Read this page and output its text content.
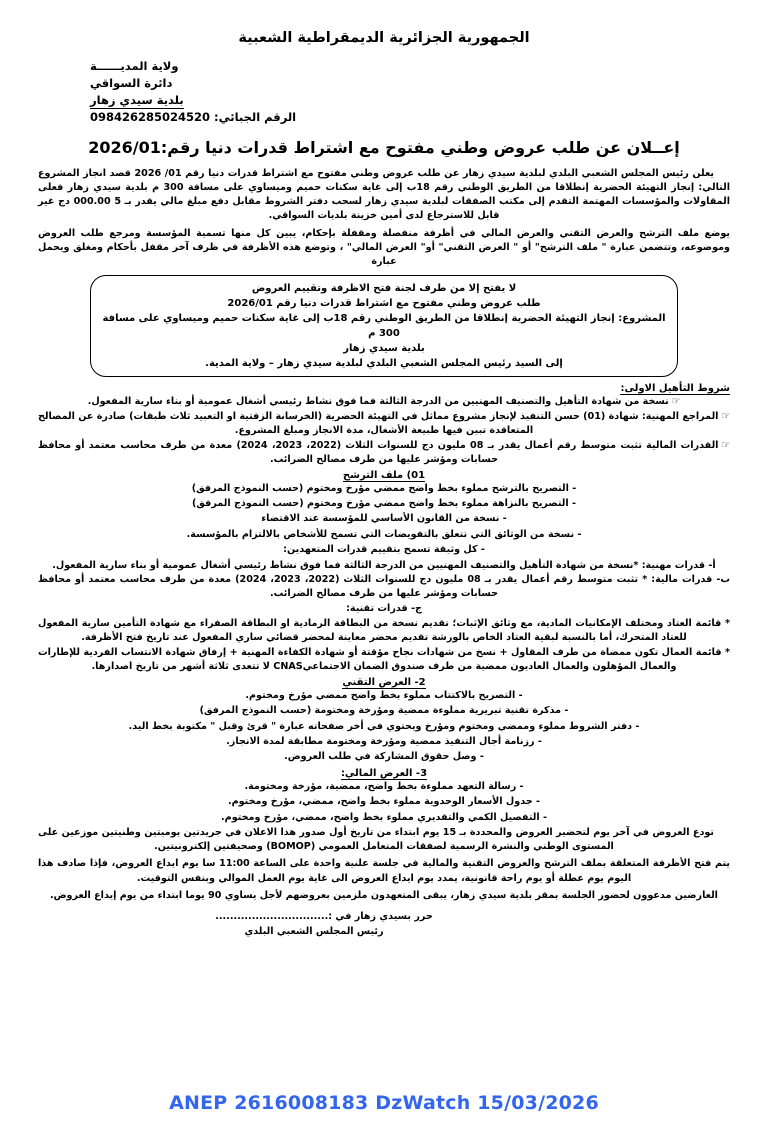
الجمهورية الجزائرية الديمقراطية الشعبية
ولاية المديــــــة
دائرة السواقي
بلدية سيدي زهار
الرقم الجبائي: 098426285024520
إعــلان عن طلب عروض وطني مفتوح مع اشتراط قدرات دنيا رقم:2026/01

يعلن رئيس المجلس الشعبي البلدي لبلدية سيدي زهار عن طلب عروض وطني مفتوح مع اشتراط قدرات دنيا رقم 01/ 2026 قصد انجاز المشروع التالي: إنجاز التهيئة الحضرية إنطلاقا من الطريق الوطني رقم 18ب إلى غاية سكنات حميم وميساوي على مسافة 300 م بلدية سيدي زهار فعلى المقاولات والمؤسسات المهتمة التقدم إلى مكتب الصفقات لبلدية سيدي زهار لسحب دفتر الشروط مقابل دفع مبلغ مالي يقدر بـ 5 000.00 دج غير قابل للاسترجاع لدى أمين خزينة بلديات السواقي.

يوضع ملف الترشح والعرض التقني والعرض المالي في أظرفة منفصلة ومقفلة بإحكام، يبين كل منها تسمية المؤسسة ومرجع طلب العروض وموضوعه، وتتضمن عبارة " ملف الترشح" أو " العرض التقني" أو" العرض المالي" ، وتوضع هذه الأظرفة في ظرف آخر مقفل بأحكام ومغلق ويحمل عبارة

لا يفتح إلا من طرف لجنة فتح الاظرفة وتقييم العروض
طلب عروض وطني مفتوح مع اشتراط قدرات دنيا رقم 2026/01
المشروع: إنجاز التهيئة الحضرية إنطلاقا من الطريق الوطني رقم 18ب إلى غاية سكنات حميم وميساوي على مسافة 300 م
بلدية سيدي زهار
إلى السيد رئيس المجلس الشعبي البلدي لبلدية سيدي زهار – ولاية المدية.
شروط التأهيل الاولى:
☞نسخة من شهادة التأهيل والتصنيف المهنيين من الدرجة الثالثة فما فوق نشاط رئيسي أشغال عمومية أو بناء سارية المفعول.
☞المراجع المهنية: شهادة (01) حسن التنفيذ لإنجاز مشروع مماثل في التهيئة الحضرية (الخرسانة الزفتية او التعبيد ثلاث طبقات) صادرة عن المصالح المتعاقدة تبين فيها طبيعة الأشغال، مدة الانجاز ومبلغ المشروع.
☞القدرات المالية تثبت متوسط رقم أعمال يقدر بـ 08 مليون دج للسنوات الثلاث (2022، 2023، 2024) معدة من طرف محاسب معتمد أو محافظ حسابات ومؤشر عليها من طرف مصالح الضرائب.
01) ملف الترشح
- التصريح بالترشح مملوء بخط واضح ممضي مؤرخ ومختوم (حسب النموذج المرفق)
- التصريح بالنزاهة مملوء بخط واضح ممضي مؤرخ ومختوم (حسب النموذج المرفق)
- نسخة من القانون الأساسي للمؤسسة عند الاقتضاء
- نسخة من الوثائق التي تتعلق بالتفويضات التي تسمح للأشخاص بالالتزام بالمؤسسة.
- كل وثيقة تسمح بتقييم قدرات المتعهدين:
أ- قدرات مهنية: *نسخة من شهادة التأهيل والتصنيف المهنيين من الدرجة الثالثة فما فوق نشاط رئيسي أشغال عمومية أو بناء سارية المفعول.
ب- قدرات مالية: * تثبت متوسط رقم أعمال يقدر بـ 08 مليون دج للسنوات الثلاث (2022، 2023، 2024) معدة من طرف محاسب معتمد أو محافظ حسابات ومؤشر عليها من طرف مصالح الضرائب.
ج- قدرات تقنية:
* قائمة العتاد ومختلف الإمكانيات المادية، مع وثائق الإثبات؛ تقديم نسخة من البطاقة الرمادية او البطاقة الصفراء مع شهادة التأمين سارية المفعول للعتاد المتحرك، أما بالنسبة لبقية العتاد الخاص بالورشة تقديم محضر معاينة لمحضر قضائي ساري المفعول عند تاريخ فتح الأظرفة.
* قائمة العمال تكون ممضاة من طرف المقاول + نسخ من شهادات نجاح مؤقتة أو شهادة الكفاءة المهنية + إرفاق شهادة الانتساب الفردية للإطارات والعمال المؤهلون والعمال العاديون ممضية من طرف صندوق الضمان الاجتماعيCNAS لا تتعدى ثلاثة أشهر من تاريخ اصدارها.
2- العرض التقني
- التصريح بالاكتتاب مملوء بخط واضح ممضي مؤرخ ومختوم.
- مذكرة تقنية تبريرية مملوءة ممضية ومؤرخة ومختومة (حسب النموذج المرفق)
- دفتر الشروط مملوء وممضي ومختوم ومؤرخ ويحتوي في أخر صفحاته عبارة " قرئ وقبل " مكتوبة بخط اليد.
- رزنامة أجال التنفيذ ممضية ومؤرخة ومختومة مطابقة لمدة الانجاز.
- وصل حقوق المشاركة في طلب العروض.
3- العرض المالي:
- رسالة التعهد مملوءة بخط واضح، ممضية، مؤرخة ومختومة.
- جدول الأسعار الوحدوية مملوء بخط واضح، ممضي، مؤرخ ومختوم.
- التفصيل الكمي والتقديري مملوء بخط واضح، ممضي، مؤرخ ومختوم.

تودع العروض في آخر يوم لتحضير العروض والمحددة بـ 15 يوم ابتداء من تاريخ أول صدور هذا الاعلان في جريدتين يوميتين وطنيتين موزعين على المستوى الوطني والنشرة الرسمية لصفقات المتعامل العمومي (BOMOP) وصحيفتين إلكترونيتين.

يتم فتح الأظرفة المتعلقة بملف الترشح والعروض التقنية والمالية في جلسة علنية واحدة على الساعة 11:00 سا يوم ايداع العروض، فإذا صادف هذا اليوم يوم عطلة أو يوم راحة قانونية، يمدد يوم ايداع العروض الى غاية يوم العمل الموالي وبنفس التوقيت.

العارضين مدعوون لحضور الجلسة بمقر بلدية سيدي زهار، يبقى المتعهدون ملزمين بعروضهم لأجل يساوي 90 يوما ابتداء من يوم إيداع العروض.

حرر بسيدي زهار في :...............................
رئيس المجلس الشعبي البلدي
ANEP 2616008183 DzWatch 15/03/2026
